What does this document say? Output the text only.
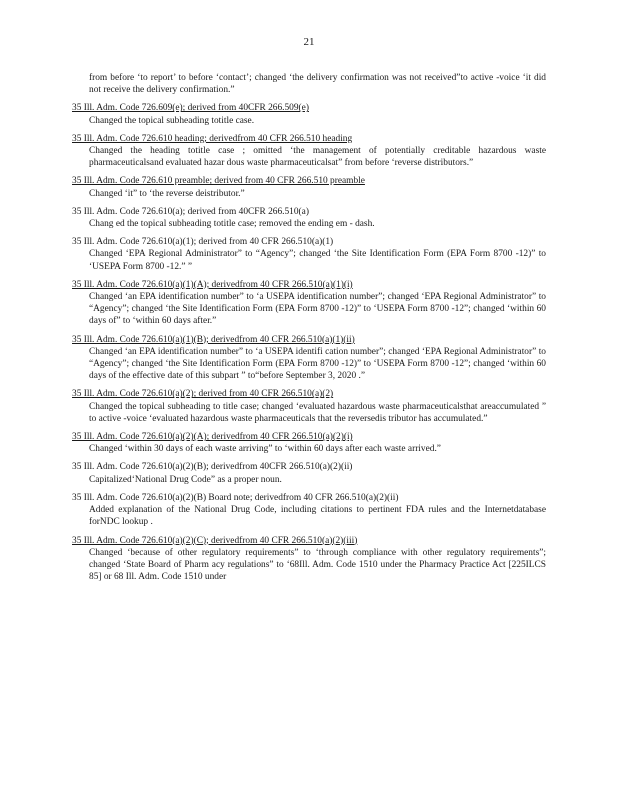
21
from before ‘to report’ to before ‘contact’; changed ‘the delivery confirmation was not received”to active -voice ‘it did not receive the delivery confirmation.”
35 Ill. Adm. Code 726.609(e); derived from 40CFR 266.509(e)
Changed the topical subheading totitle case.
35 Ill. Adm. Code 726.610 heading; derivedfrom 40 CFR 266.510 heading
Changed the heading totitle case ; omitted ‘the management of potentially creditable hazardous waste pharmaceuticalsand evaluated hazar dous waste pharmaceuticalsat” from before ‘reverse distributors.”
35 Ill. Adm. Code 726.610 preamble; derived from 40 CFR 266.510 preamble
Changed ‘it” to ‘the reverse deistributor.”
35 Ill. Adm. Code 726.610(a); derived from 40CFR 266.510(a)
Chang ed the topical subheading totitle case; removed the ending em - dash.
35 Ill. Adm. Code 726.610(a)(1); derived from 40 CFR 266.510(a)(1)
Changed ‘EPA Regional Administrator” to “Agency”; changed ‘the Site Identification Form (EPA Form 8700 -12)” to ‘USEPA Form 8700 -12.” ”
35 Ill. Adm. Code 726.610(a)(1)(A); derivedfrom 40 CFR 266.510(a)(1)(i)
Changed ‘an EPA identification number” to ‘a USEPA identification number”; changed ‘EPA Regional Administrator” to “Agency”; changed ‘the Site Identification Form (EPA Form 8700 -12)” to ‘USEPA Form 8700 -12”; changed ‘within 60 days of” to ‘within 60 days after.”
35 Ill. Adm. Code 726.610(a)(1)(B); derivedfrom 40 CFR 266.510(a)(1)(ii)
Changed ‘an EPA identification number” to ‘a USEPA identifi cation number”; changed ‘EPA Regional Administrator” to “Agency”; changed ‘the Site Identification Form (EPA Form 8700 -12)” to ‘USEPA Form 8700 -12”; changed ‘within 60 days of the effective date of this subpart ” to“before September 3, 2020 .”
35 Ill. Adm. Code 726.610(a)(2); derived from 40 CFR 266.510(a)(2)
Changed the topical subheading to title case; changed ‘evaluated hazardous waste pharmaceuticalsthat areaccumulated ” to active -voice ‘evaluated hazardous waste pharmaceuticals that the reversedis tributor has accumulated.”
35 Ill. Adm. Code 726.610(a)(2)(A); derivedfrom 40 CFR 266.510(a)(2)(i)
Changed ‘within 30 days of each waste arriving” to ‘within 60 days after each waste arrived.”
35 Ill. Adm. Code 726.610(a)(2)(B); derivedfrom 40CFR 266.510(a)(2)(ii)
Capitalized‘National Drug Code” as a proper noun.
35 Ill. Adm. Code 726.610(a)(2)(B) Board note; derivedfrom 40 CFR 266.510(a)(2)(ii)
Added explanation of the National Drug Code, including citations to pertinent FDA rules and the Internetdatabase forNDC lookup .
35 Ill. Adm. Code 726.610(a)(2)(C); derivedfrom 40 CFR 266.510(a)(2)(iii)
Changed ‘because of other regulatory requirements” to ‘through compliance with other regulatory requirements”; changed ‘State Board of Pharm acy regulations” to ‘68Ill. Adm. Code 1510 under the Pharmacy Practice Act [225ILCS 85] or 68 Ill. Adm. Code 1510 under
